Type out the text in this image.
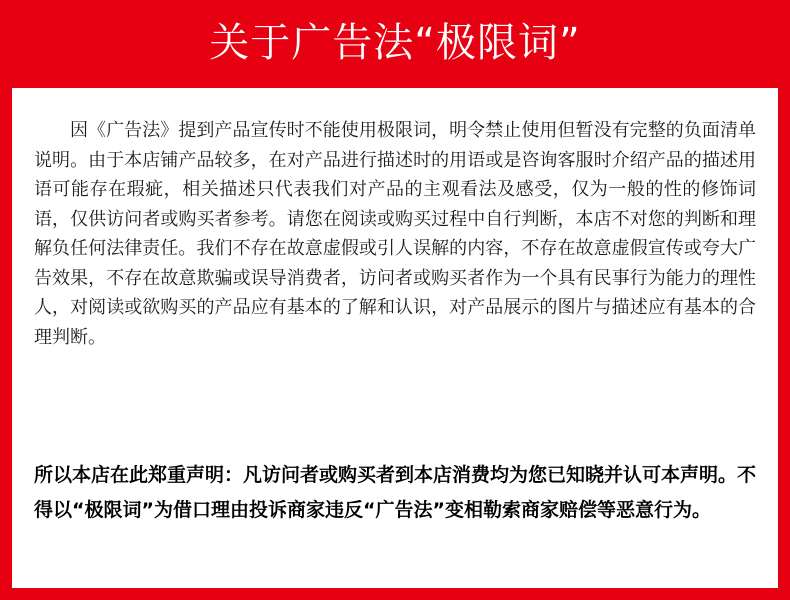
关于广告法“极限词”

因《广告法》提到产品宣传时不能使用极限词，明令禁止使用但暂没有完整的负面清单说明。由于本店铺产品较多，在对产品进行描述时的用语或是咨询客服时介绍产品的描述用语可能存在瑕疵，相关描述只代表我们对产品的主观看法及感受，仅为一般的性的修饰词语，仅供访问者或购买者参考。请您在阅读或购买过程中自行判断，本店不对您的判断和理解负任何法律责任。我们不存在故意虚假或引人误解的内容，不存在故意虚假宣传或夸大广告效果，不存在故意欺骗或误导消费者，访问者或购买者作为一个具有民事行为能力的理性人，对阅读或欲购买的产品应有基本的了解和认识，对产品展示的图片与描述应有基本的合理判断。

所以本店在此郑重声明：凡访问者或购买者到本店消费均为您已知晓并认可本声明。不得以“极限词”为借口理由投诉商家违反“广告法”变相勒索商家赔偿等恶意行为。
